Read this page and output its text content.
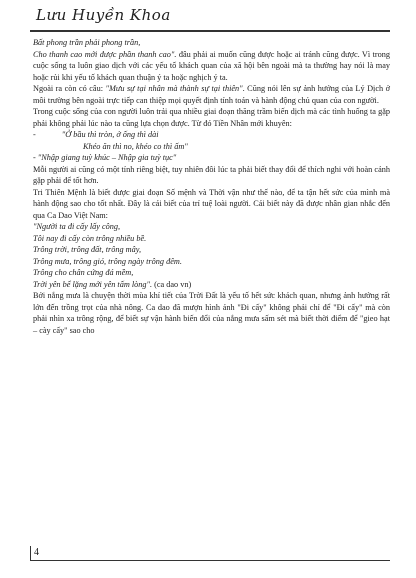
Lưu Huyền Khoa

Bất phong trần phải phong trần,

Cho thanh cao mới được phần thanh cao". đâu phải ai muốn cũng được hoặc ai tránh cũng được. Vì trong cuộc sống ta luôn giao dịch với các yếu tố khách quan của xã hội bên ngoài mà ta thường hay nói là may hoặc rủi khi yếu tố khách quan thuận ý ta hoặc nghịch ý ta.

Ngoài ra còn có câu: "Mưu sự tại nhân mà thành sự tại thiên". Cũng nói lên sự ảnh hưởng của Lý Dịch ở môi trường bên ngoài trực tiếp can thiệp mọi quyết định tính toán và hành động chủ quan của con người.

Trong cuộc sống của con người luôn trải qua nhiều giai đoạn thăng trầm biến dịch mà các tình huống ta gặp phải không phải lúc nào ta cũng lựa chọn được. Từ đó Tiền Nhân mới khuyên:

-	"Ở bầu thì tròn, ở ống thì dài

Khéo ăn thì no, khéo co thì ấm"

- "Nhập giang tuỳ khúc – Nhập gia tuỳ tục"

Mỗi người ai cũng có một tính riêng biệt, tuy nhiên đôi lúc ta phải biết thay đổi để thích nghi với hoàn cảnh gặp phải để tốt hơn.

Tri Thiên Mệnh là biết được giai đoạn Số mệnh và Thời vận như thế nào, để ta tận hết sức của mình mà hành động sao cho tốt nhất. Đây là cái biết của trí tuệ loài người. Cái biết này đã được nhân gian nhắc đến qua Ca Dao Việt Nam:

"Người ta đi cấy lấy công,

Tôi nay đi cấy còn trông nhiều bề.

Trông trời, trông đất, trông mây,

Trông mưa, trông gió, trông ngày trông đêm.

Trông cho chân cứng đá mềm,

Trời yên bể lặng mới yên tấm lòng". (ca dao vn)

Bởi nắng mưa là chuyện thời mùa khí tiết của Trời Đất là yếu tố hết sức khách quan, nhưng ảnh hưởng rất lớn đến trồng trọt của nhà nông. Ca dao đã mượn hình ảnh "Đi cấy" không phải chỉ để "Đi cấy" mà còn phải nhìn xa trông rộng, để biết sự vận hành biến đổi của nắng mưa sấm sét mà biết thời điểm để "gieo hạt – cày cấy" sao cho

4
